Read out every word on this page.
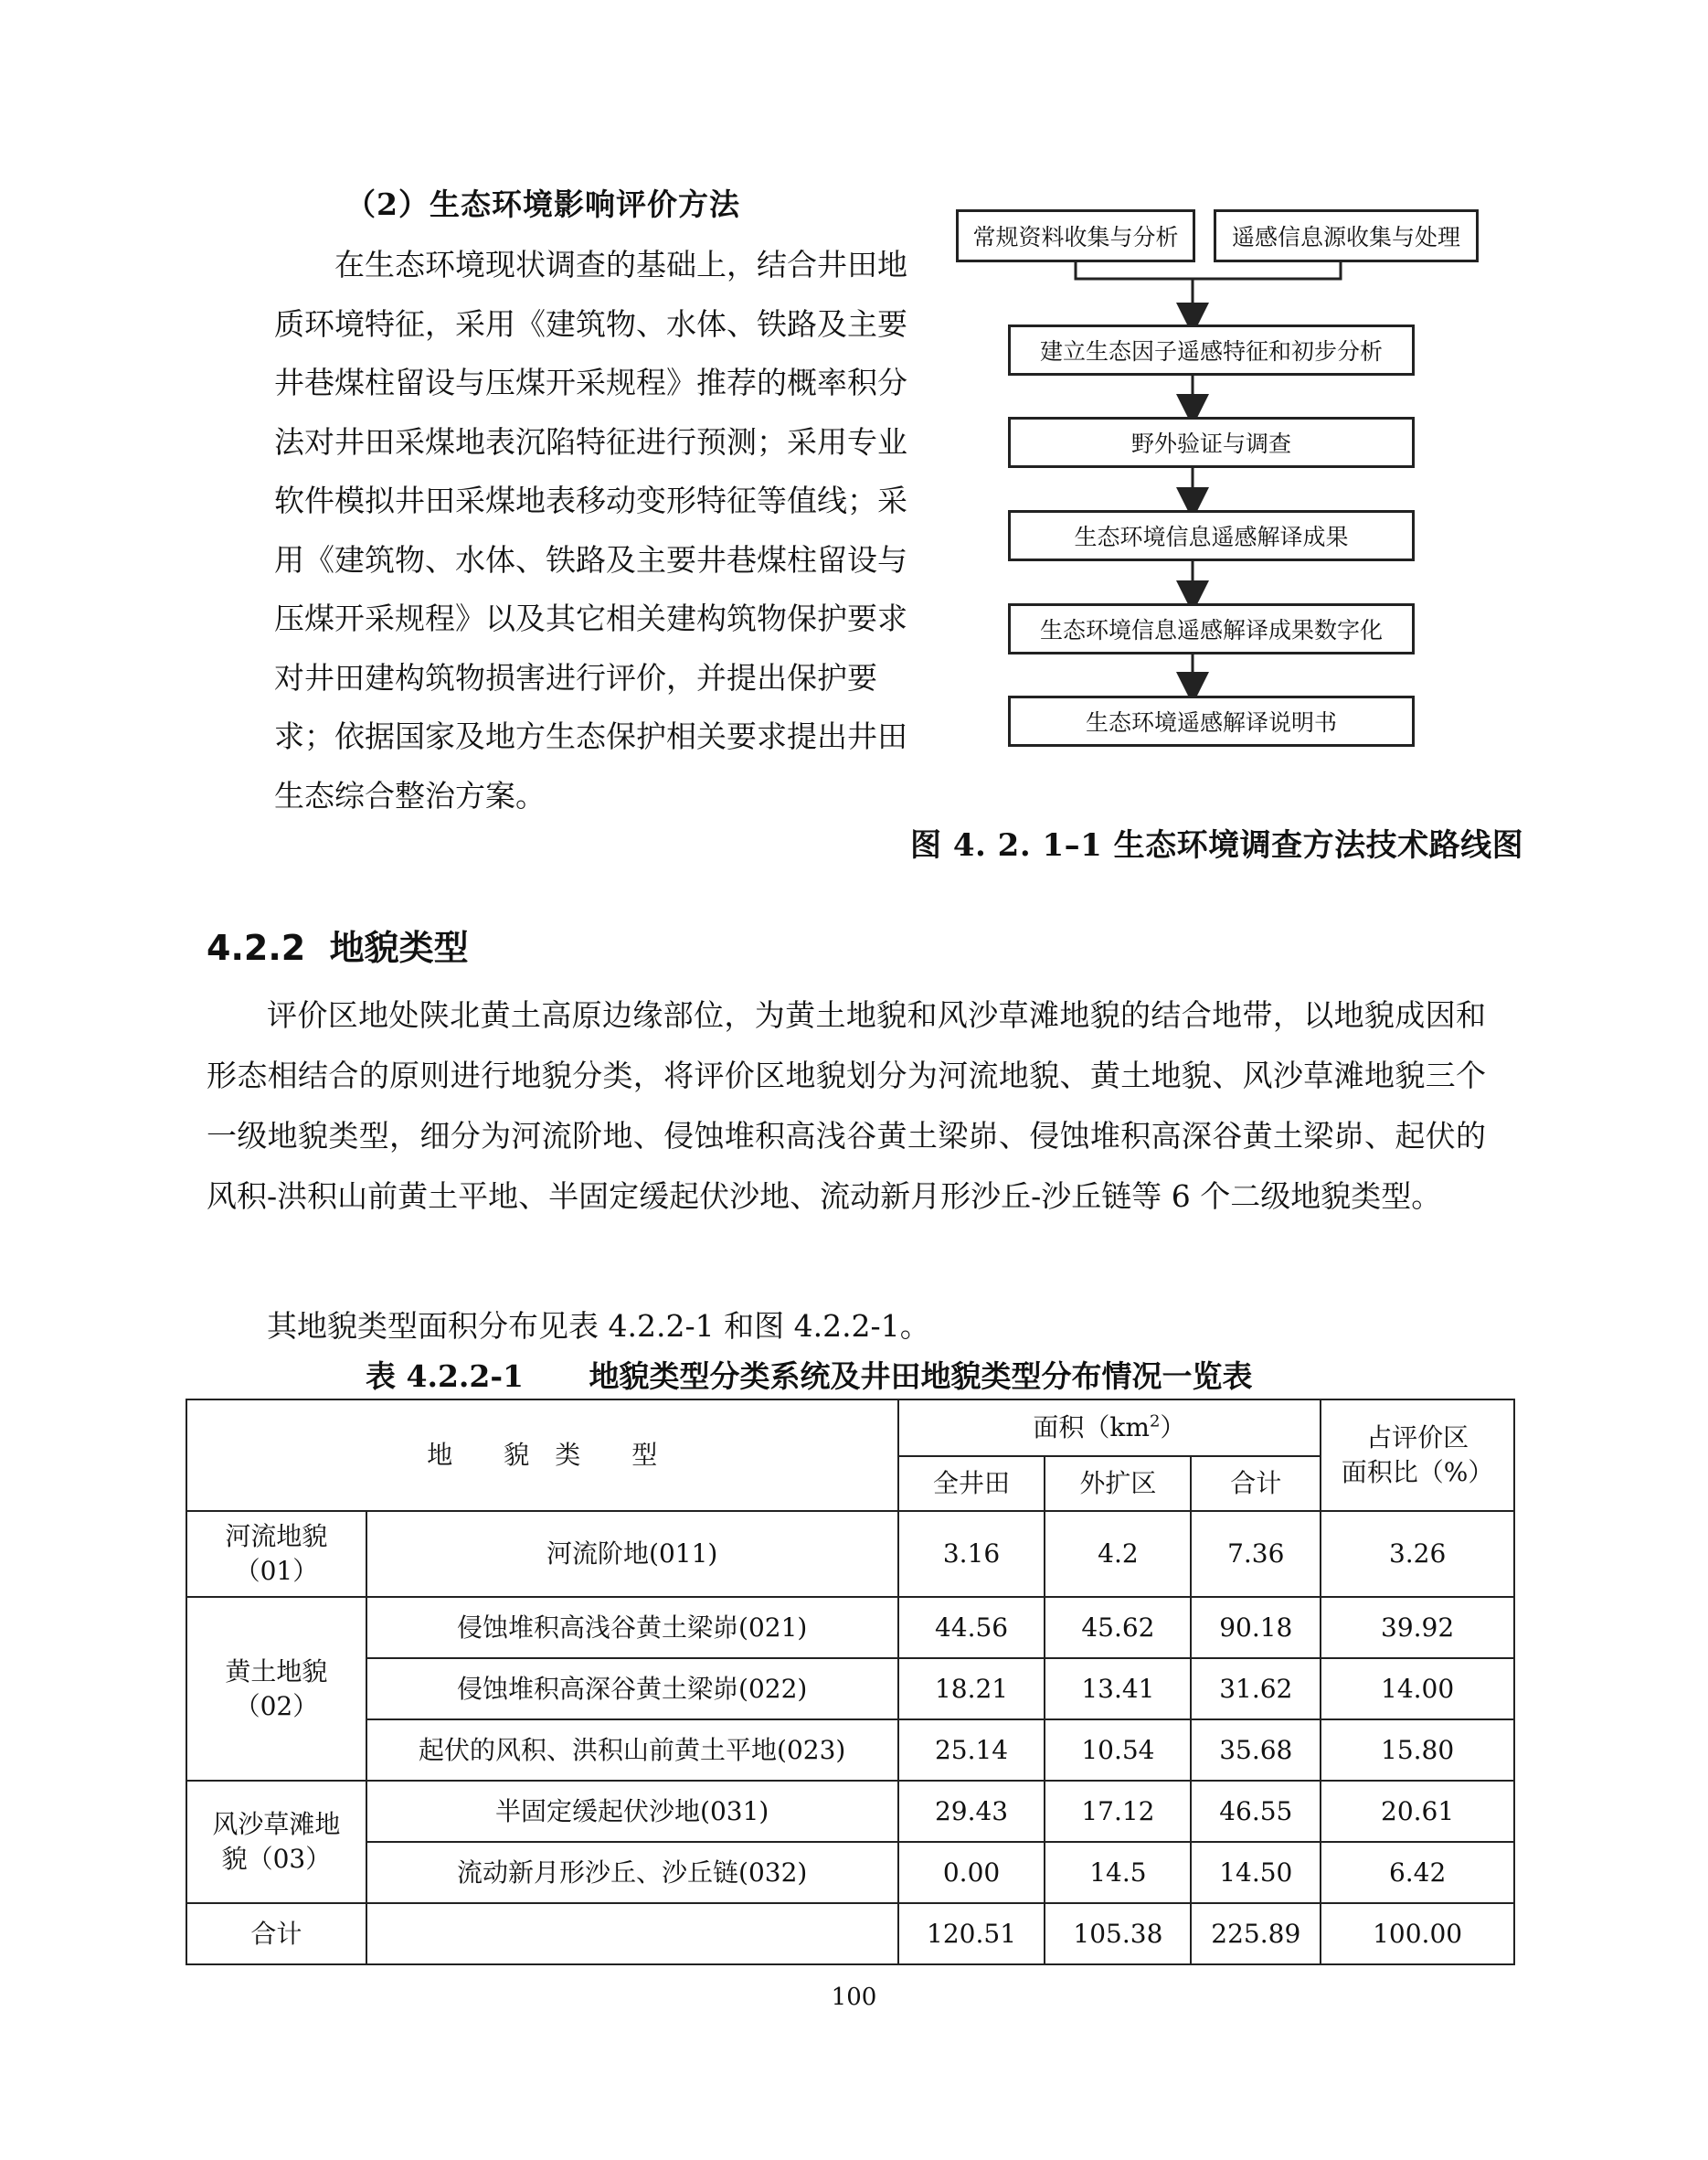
（2）生态环境影响评价方法

在生态环境现状调查的基础上，结合井田地质环境特征，采用《建筑物、水体、铁路及主要井巷煤柱留设与压煤开采规程》推荐的概率积分法对井田采煤地表沉陷特征进行预测；采用专业软件模拟井田采煤地表移动变形特征等值线；采用《建筑物、水体、铁路及主要井巷煤柱留设与压煤开采规程》以及其它相关建构筑物保护要求对井田建构筑物损害进行评价，并提出保护要求；依据国家及地方生态保护相关要求提出井田生态综合整治方案。

常规资料收集与分析	遥感信息源收集与处理
建立生态因子遥感特征和初步分析
野外验证与调查
生态环境信息遥感解译成果
生态环境信息遥感解译成果数字化
生态环境遥感解译说明书

图 4. 2. 1–1 生态环境调查方法技术路线图

4.2.2 地貌类型

评价区地处陕北黄土高原边缘部位，为黄土地貌和风沙草滩地貌的结合地带，以地貌成因和形态相结合的原则进行地貌分类，将评价区地貌划分为河流地貌、黄土地貌、风沙草滩地貌三个一级地貌类型，细分为河流阶地、侵蚀堆积高浅谷黄土梁峁、侵蚀堆积高深谷黄土梁峁、起伏的风积-洪积山前黄土平地、半固定缓起伏沙地、流动新月形沙丘-沙丘链等 6 个二级地貌类型。

其地貌类型面积分布见表 4.2.2-1 和图 4.2.2-1。

表 4.2.2-1 地貌类型分类系统及井田地貌类型分布情况一览表

地　　貌　类　　型		面积$(km^2)$			占评价区
面积比（%）
		全井田	外扩区	合计	
河流地貌
（01）	河流阶地(011)	3.16	4.2	7.36	3.26
黄土地貌
（02）	侵蚀堆积高浅谷黄土梁峁(021)	44.56	45.62	90.18	39.92
	侵蚀堆积高深谷黄土梁峁(022)	18.21	13.41	31.62	14.00
	起伏的风积、洪积山前黄土平地(023)	25.14	10.54	35.68	15.80
风沙草滩地
貌（03）	半固定缓起伏沙地(031)	29.43	17.12	46.55	20.61
	流动新月形沙丘、沙丘链(032)	0.00	14.5	14.50	6.42
合计		120.51	105.38	225.89	100.00

100
